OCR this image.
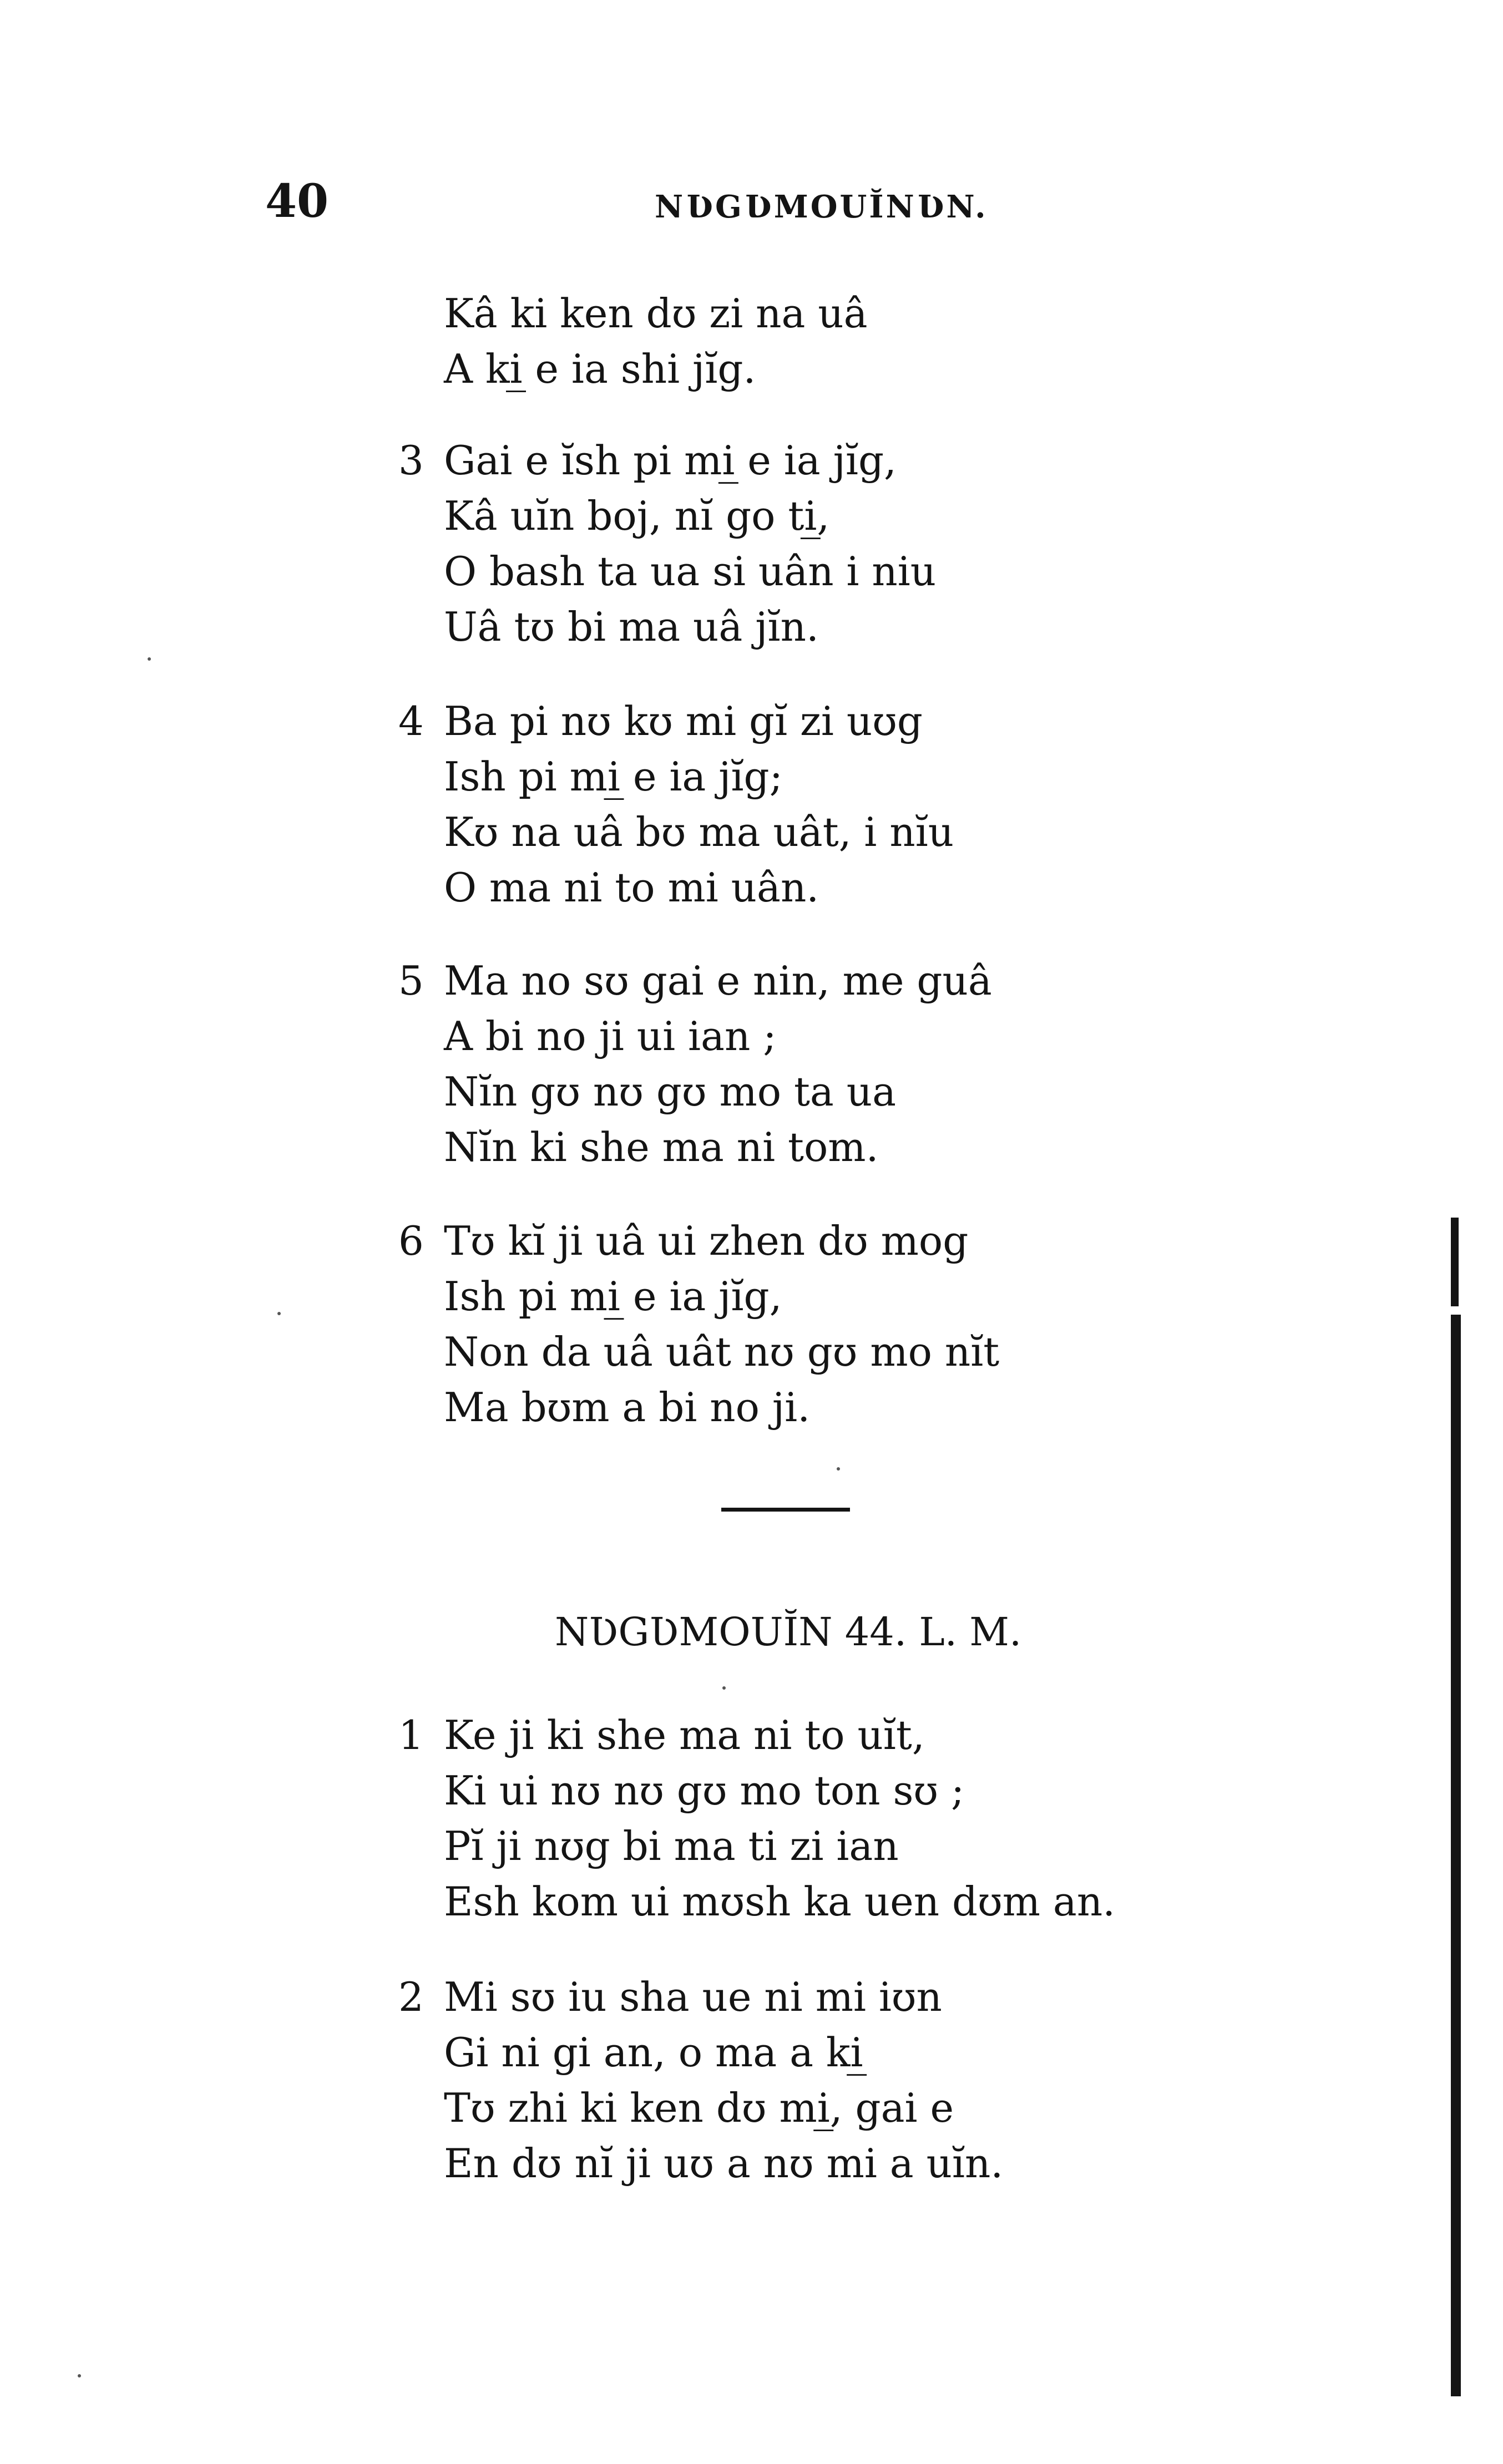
40	NƲGƲMOUĬNƲN.
Kâ ki ken dʊ zi na uâ
A ki̲ e ia shi jĭg.
3 Gai e ĭsh pi mi̲ e ia jĭg,
Kâ uĭn boj, nĭ go ti̲,
O bash ta ua si uân i niu
Uâ tʊ bi ma uâ jĭn.
4 Ba pi nʊ kʊ mi gĭ zi uʊg
Ish pi mi̲ e ia jĭg;
Kʊ na uâ bʊ ma uât, i nĭu
O ma ni to mi uân.
5 Ma no sʊ gai e nin, me guâ
A bi no ji ui ian ;
Nĭn gʊ nʊ gʊ mo ta ua
Nĭn ki she ma ni tom.
6 Tʊ kĭ ji uâ ui zhen dʊ mog
Ish pi mi̲ e ia jĭg,
Non da uâ uât nʊ gʊ mo nĭt
Ma bʊm a bi no ji.
NƲGƲMOUĬN 44. L. M.
1 Ke ji ki she ma ni to uĭt,
Ki ui nʊ nʊ gʊ mo ton sʊ ;
Pĭ ji nʊg bi ma ti zi ian
Esh kom ui mʊsh ka uen dʊm an.
2 Mi sʊ iu sha ue ni mi iʊn
Gi ni gi an, o ma a ki̲
Tʊ zhi ki ken dʊ mi̲, gai e
En dʊ nĭ ji uʊ a nʊ mi a uĭn.
